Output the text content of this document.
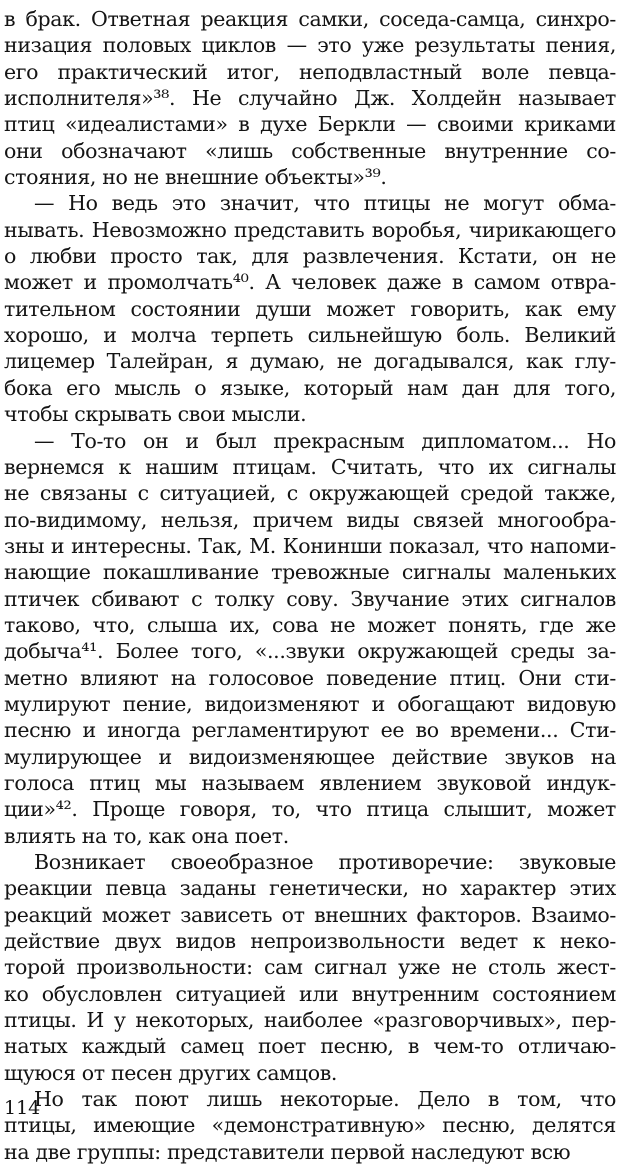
в брак. Ответная реакция самки, соседа-самца, синхро-
низация половых циклов — это уже результаты пения,
его практический итог, неподвластный воле певца-
исполнителя»³⁸. Не случайно Дж. Холдейн называет
птиц «идеалистами» в духе Беркли — своими криками
они обозначают «лишь собственные внутренние со-
стояния, но не внешние объекты»³⁹.
— Но ведь это значит, что птицы не могут обма-
нывать. Невозможно представить воробья, чирикающего
о любви просто так, для развлечения. Кстати, он не
может и промолчать⁴⁰. А человек даже в самом отвра-
тительном состоянии души может говорить, как ему
хорошо, и молча терпеть сильнейшую боль. Великий
лицемер Талейран, я думаю, не догадывался, как глу-
бока его мысль о языке, который нам дан для того,
чтобы скрывать свои мысли.
— То-то он и был прекрасным дипломатом... Но
вернемся к нашим птицам. Считать, что их сигналы
не связаны с ситуацией, с окружающей средой также,
по-видимому, нельзя, причем виды связей многообра-
зны и интересны. Так, М. Конинши показал, что напоми-
нающие покашливание тревожные сигналы маленьких
птичек сбивают с толку сову. Звучание этих сигналов
таково, что, слыша их, сова не может понять, где же
добыча⁴¹. Более того, «...звуки окружающей среды за-
метно влияют на голосовое поведение птиц. Они сти-
мулируют пение, видоизменяют и обогащают видовую
песню и иногда регламентируют ее во времени... Сти-
мулирующее и видоизменяющее действие звуков на
голоса птиц мы называем явлением звуковой индук-
ции»⁴². Проще говоря, то, что птица слышит, может
влиять на то, как она поет.
Возникает своеобразное противоречие: звуковые
реакции певца заданы генетически, но характер этих
реакций может зависеть от внешних факторов. Взаимо-
действие двух видов непроизвольности ведет к неко-
торой произвольности: сам сигнал уже не столь жест-
ко обусловлен ситуацией или внутренним состоянием
птицы. И у некоторых, наиболее «разговорчивых», пер-
натых каждый самец поет песню, в чем-то отличаю-
щуюся от песен других самцов.
Но так поют лишь некоторые. Дело в том, что
птицы, имеющие «демонстративную» песню, делятся
на две группы: представители первой наследуют всю
114
